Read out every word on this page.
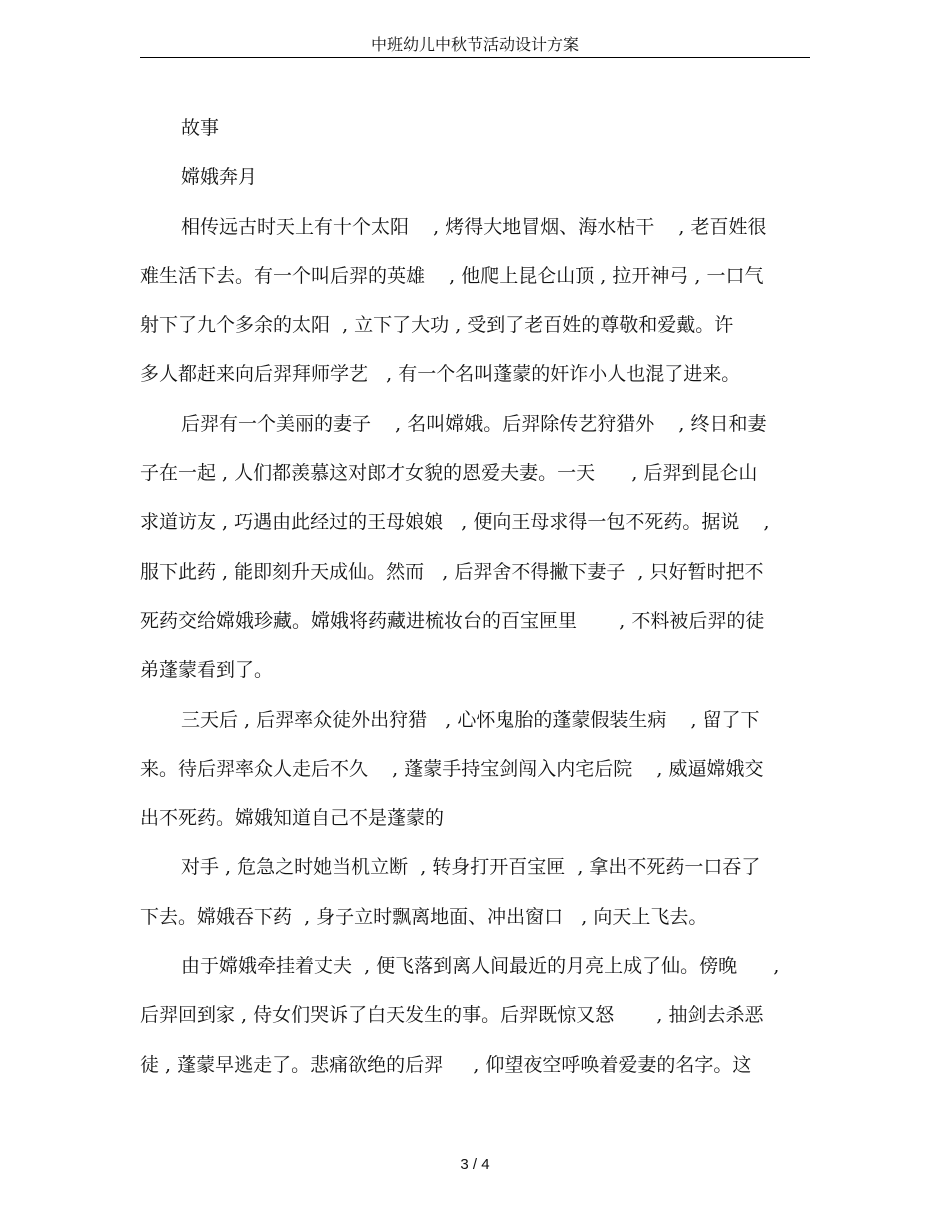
中班幼儿中秋节活动设计方案
故事
嫦娥奔月
相传远古时天上有十个太阳    , 烤得大地冒烟、海水枯干    , 老百姓很
难生活下去。有一个叫后羿的英雄    , 他爬上昆仑山顶 , 拉开神弓 , 一口气
射下了九个多余的太阳  , 立下了大功 , 受到了老百姓的尊敬和爱戴。许
多人都赶来向后羿拜师学艺   , 有一个名叫蓬蒙的奸诈小人也混了进来。
后羿有一个美丽的妻子    , 名叫嫦娥。后羿除传艺狩猎外    , 终日和妻
子在一起 , 人们都羡慕这对郎才女貌的恩爱夫妻。一天      , 后羿到昆仑山
求道访友 , 巧遇由此经过的王母娘娘   , 便向王母求得一包不死药。据说    ,
服下此药 , 能即刻升天成仙。然而   , 后羿舍不得撇下妻子  , 只好暂时把不
死药交给嫦娥珍藏。嫦娥将药藏进梳妆台的百宝匣里       , 不料被后羿的徒
弟蓬蒙看到了。
三天后 , 后羿率众徒外出狩猎   , 心怀鬼胎的蓬蒙假装生病    , 留了下
来。待后羿率众人走后不久    , 蓬蒙手持宝剑闯入内宅后院    , 威逼嫦娥交
出不死药。嫦娥知道自己不是蓬蒙的
对手 , 危急之时她当机立断  , 转身打开百宝匣  , 拿出不死药一口吞了
下去。嫦娥吞下药  , 身子立时飘离地面、冲出窗口   , 向天上飞去。
由于嫦娥牵挂着丈夫  , 便飞落到离人间最近的月亮上成了仙。傍晚      ,
后羿回到家 , 侍女们哭诉了白天发生的事。后羿既惊又怒       , 抽剑去杀恶
徒 , 蓬蒙早逃走了。悲痛欲绝的后羿     , 仰望夜空呼唤着爱妻的名字。这
3 / 4
